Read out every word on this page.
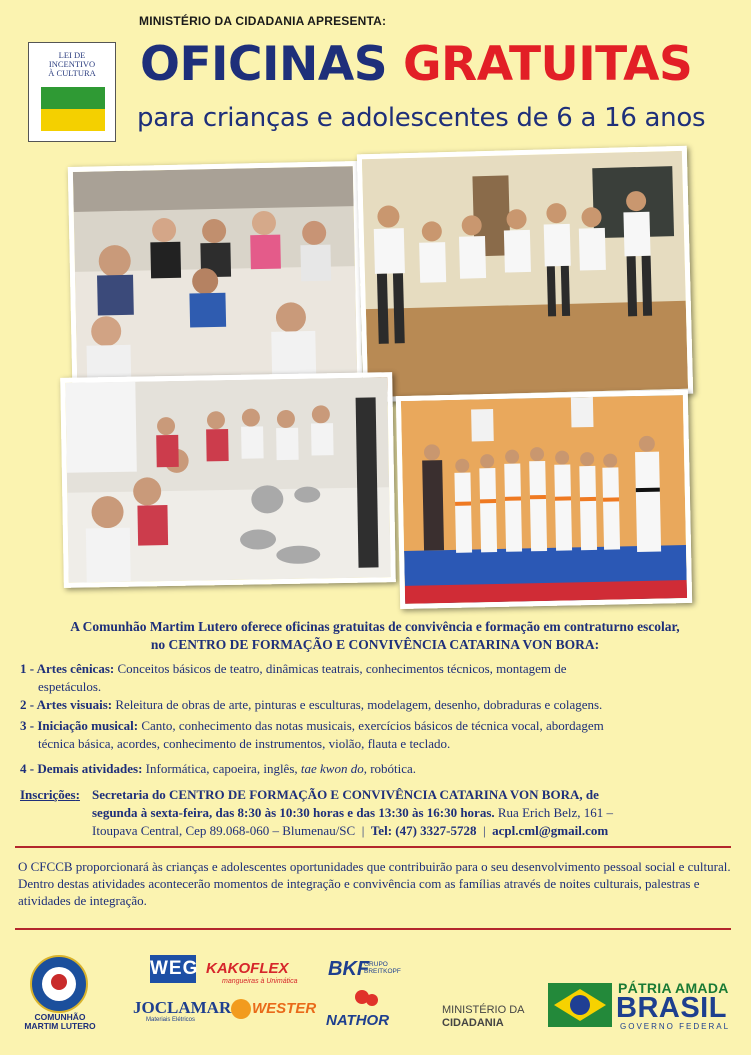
MINISTÉRIO DA CIDADANIA APRESENTA:
LEI DE
INCENTIVO
À CULTURA OFICINAS GRATUITAS
para crianças e adolescentes de 6 a 16 anos
A Comunhão Martim Lutero oferece oficinas gratuitas de convivência e formação em contraturno escolar,
no CENTRO DE FORMAÇÃO E CONVIVÊNCIA CATARINA VON BORA:
1 - Artes cênicas: Conceitos básicos de teatro, dinâmicas teatrais, conhecimentos técnicos, montagem de
espetáculos.
2 - Artes visuais: Releitura de obras de arte, pinturas e esculturas, modelagem, desenho, dobraduras e colagens.
3 - Iniciação musical: Canto, conhecimento das notas musicais, exercícios básicos de técnica vocal, abordagem
técnica básica, acordes, conhecimento de instrumentos, violão, flauta e teclado.
4 - Demais atividades: Informática, capoeira, inglês, tae kwon do, robótica.
Inscrições: Secretaria do CENTRO DE FORMAÇÃO E CONVIVÊNCIA CATARINA VON BORA, de
segunda à sexta-feira, das 8:30 às 10:30 horas e das 13:30 às 16:30 horas. Rua Erich Belz, 161 –
Itoupava Central, Cep 89.068-060 – Blumenau/SC  |  Tel: (47) 3327-5728  |  acpl.cml@gmail.com
O CFCCB proporcionará às crianças e adolescentes oportunidades que contribuirão para o seu desenvolvimento pessoal social e cultural. Dentro destas atividades acontecerão momentos de integração e convivência com as famílias através de noites culturais, palestras e atividades de integração.
COMUNHÃO
MARTIM LUTERO
WEG KAKOFLEX
mangueiras à Unimática
BKF
GRUPO
BREITKOPF
JOCLAMAR
Materiais Elétricos
WESTER
NATHOR
MINISTÉRIO DA
CIDADANIA
PÁTRIA AMADA
BRASIL
GOVERNO FEDERAL
